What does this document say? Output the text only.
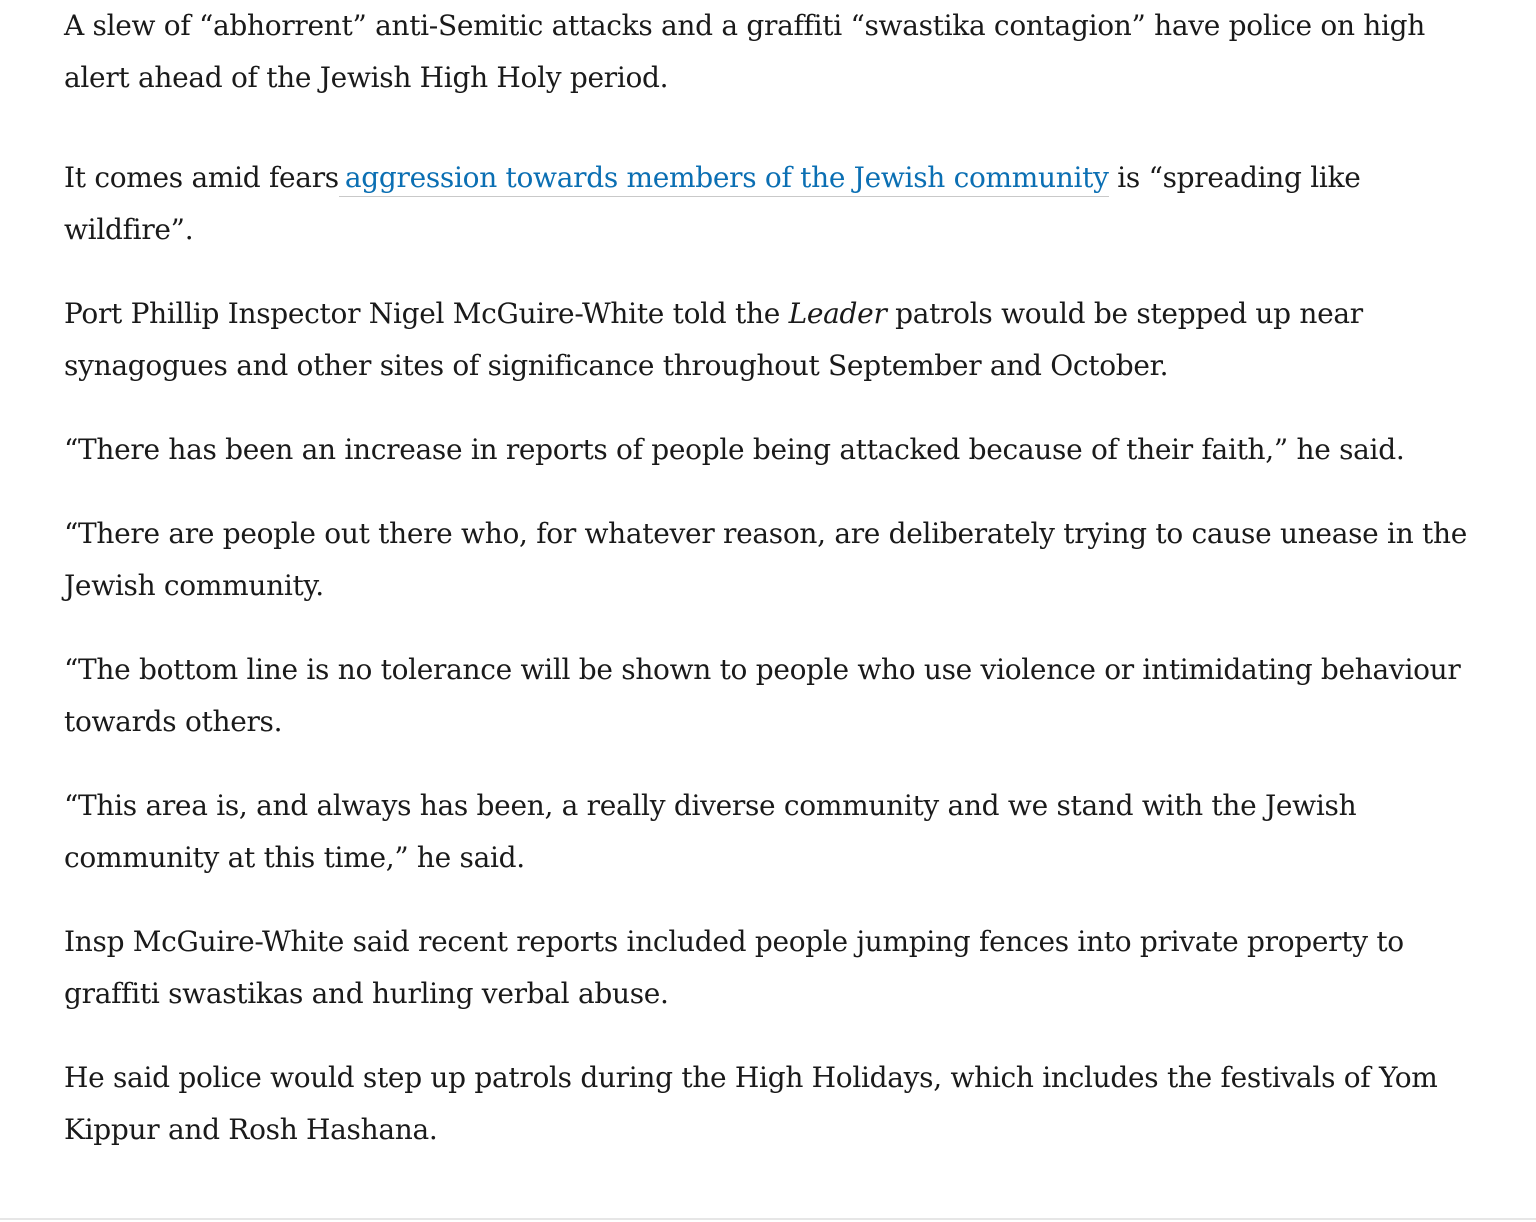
A slew of “abhorrent” anti-Semitic attacks and a graffiti “swastika contagion” have police on high alert ahead of the Jewish High Holy period.

It comes amid fears aggression towards members of the Jewish community is “spreading like wildfire”.

Port Phillip Inspector Nigel McGuire-White told the Leader patrols would be stepped up near synagogues and other sites of significance throughout September and October.

“There has been an increase in reports of people being attacked because of their faith,” he said.

“There are people out there who, for whatever reason, are deliberately trying to cause unease in the Jewish community.

“The bottom line is no tolerance will be shown to people who use violence or intimidating behaviour towards others.

“This area is, and always has been, a really diverse community and we stand with the Jewish community at this time,” he said.

Insp McGuire-White said recent reports included people jumping fences into private property to graffiti swastikas and hurling verbal abuse.

He said police would step up patrols during the High Holidays, which includes the festivals of Yom Kippur and Rosh Hashana.
